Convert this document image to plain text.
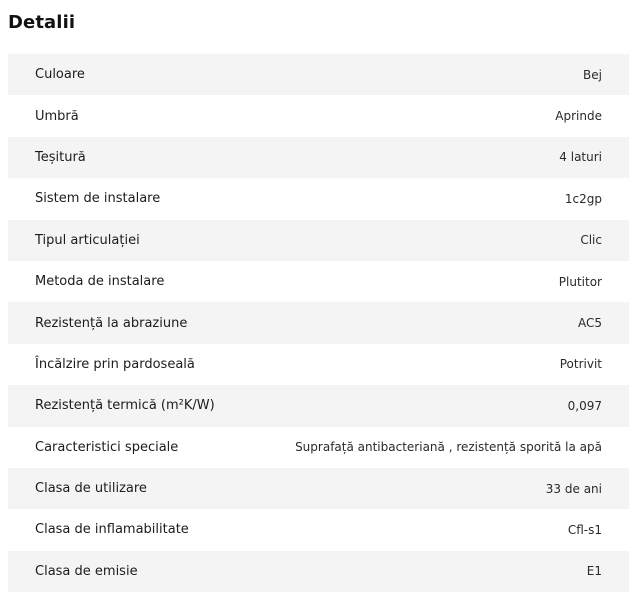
Detalii
Culoare	Bej
Umbră	Aprinde
Teșitură	4 laturi
Sistem de instalare	1c2gp
Tipul articulației	Clic
Metoda de instalare	Plutitor
Rezistență la abraziune	AC5
Încălzire prin pardoseală	Potrivit
Rezistență termică (m²K/W)	0,097
Caracteristici speciale	Suprafață antibacteriană , rezistență sporită la apă
Clasa de utilizare	33 de ani
Clasa de inflamabilitate	Cfl-s1
Clasa de emisie	E1
